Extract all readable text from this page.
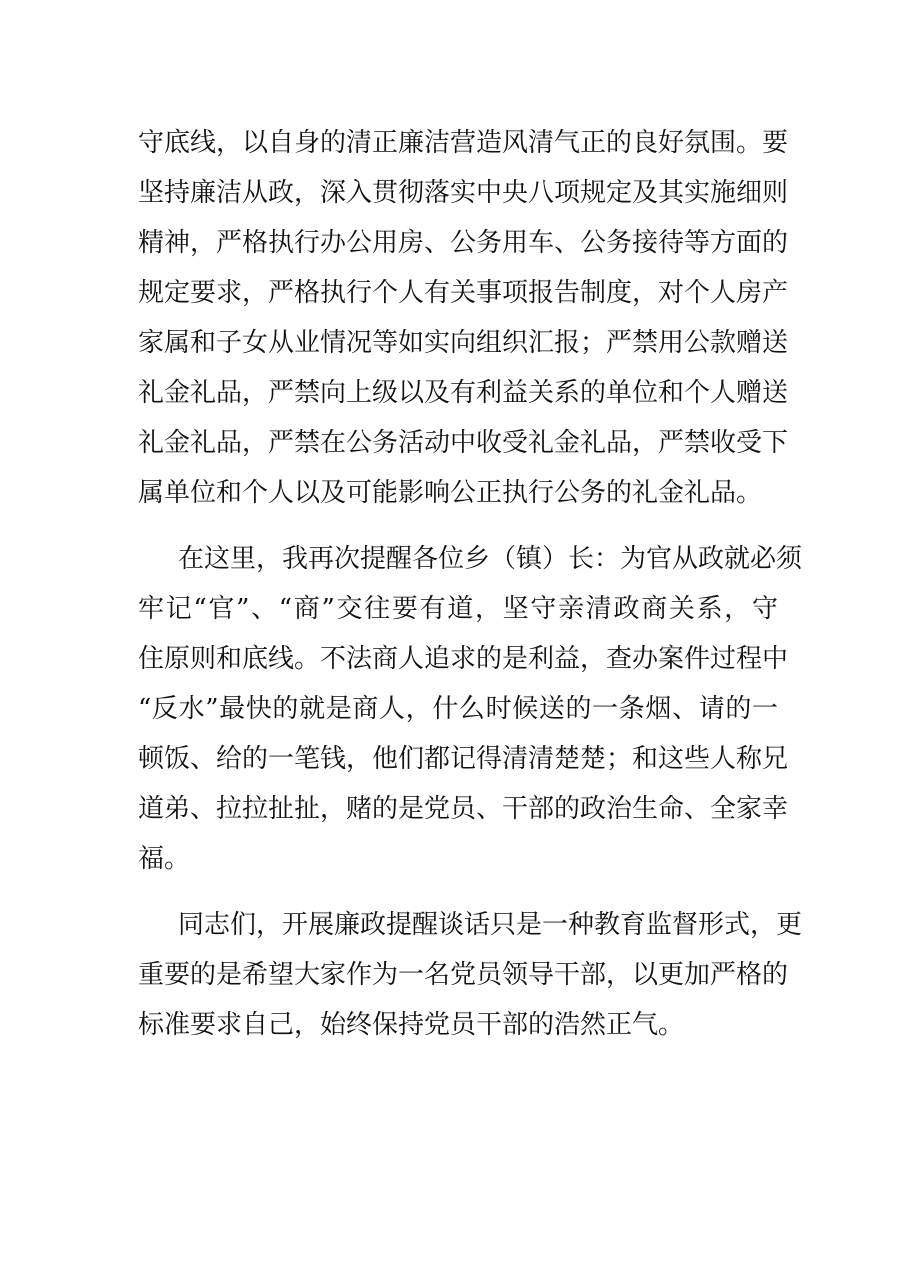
守底线，以自身的清正廉洁营造风清气正的良好氛围。要
坚持廉洁从政，深入贯彻落实中央八项规定及其实施细则
精神，严格执行办公用房、公务用车、公务接待等方面的
规定要求，严格执行个人有关事项报告制度，对个人房产
家属和子女从业情况等如实向组织汇报；严禁用公款赠送
礼金礼品，严禁向上级以及有利益关系的单位和个人赠送
礼金礼品，严禁在公务活动中收受礼金礼品，严禁收受下
属单位和个人以及可能影响公正执行公务的礼金礼品。
在这里，我再次提醒各位乡（镇）长：为官从政就必须
牢记“官”、“商”交往要有道，坚守亲清政商关系，守
住原则和底线。不法商人追求的是利益，查办案件过程中
“反水”最快的就是商人，什么时候送的一条烟、请的一
顿饭、给的一笔钱，他们都记得清清楚楚；和这些人称兄
道弟、拉拉扯扯，赌的是党员、干部的政治生命、全家幸
福。
同志们，开展廉政提醒谈话只是一种教育监督形式，更
重要的是希望大家作为一名党员领导干部，以更加严格的
标准要求自己，始终保持党员干部的浩然正气。
